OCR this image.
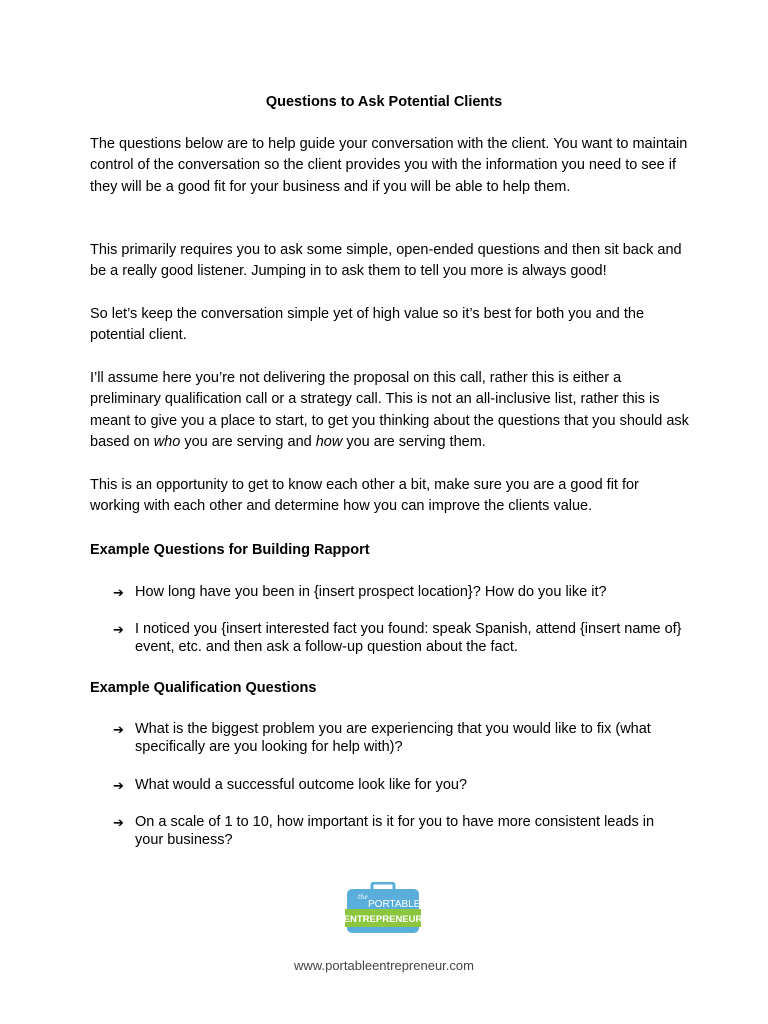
Questions to Ask Potential Clients
The questions below are to help guide your conversation with the client. You want to maintain control of the conversation so the client provides you with the information you need to see if they will be a good fit for your business and if you will be able to help them.
This primarily requires you to ask some simple, open-ended questions and then sit back and be a really good listener. Jumping in to ask them to tell you more is always good!
So let’s keep the conversation simple yet of high value so it’s best for both you and the potential client.
I’ll assume here you’re not delivering the proposal on this call, rather this is either a preliminary qualification call or a strategy call. This is not an all-inclusive list, rather this is meant to give you a place to start, to get you thinking about the questions that you should ask based on who you are serving and how you are serving them.
This is an opportunity to get to know each other a bit, make sure you are a good fit for working with each other and determine how you can improve the clients value.
Example Questions for Building Rapport
➔ How long have you been in {insert prospect location}? How do you like it?
➔ I noticed you {insert interested fact you found: speak Spanish, attend {insert name of} event, etc. and then ask a follow-up question about the fact.
Example Qualification Questions
➔ What is the biggest problem you are experiencing that you would like to fix (what specifically are you looking for help with)?
➔ What would a successful outcome look like for you?
➔ On a scale of 1 to 10, how important is it for you to have more consistent leads in your business?
the
PORTABLE
ENTREPRENEUR
www.portableentrepreneur.com
